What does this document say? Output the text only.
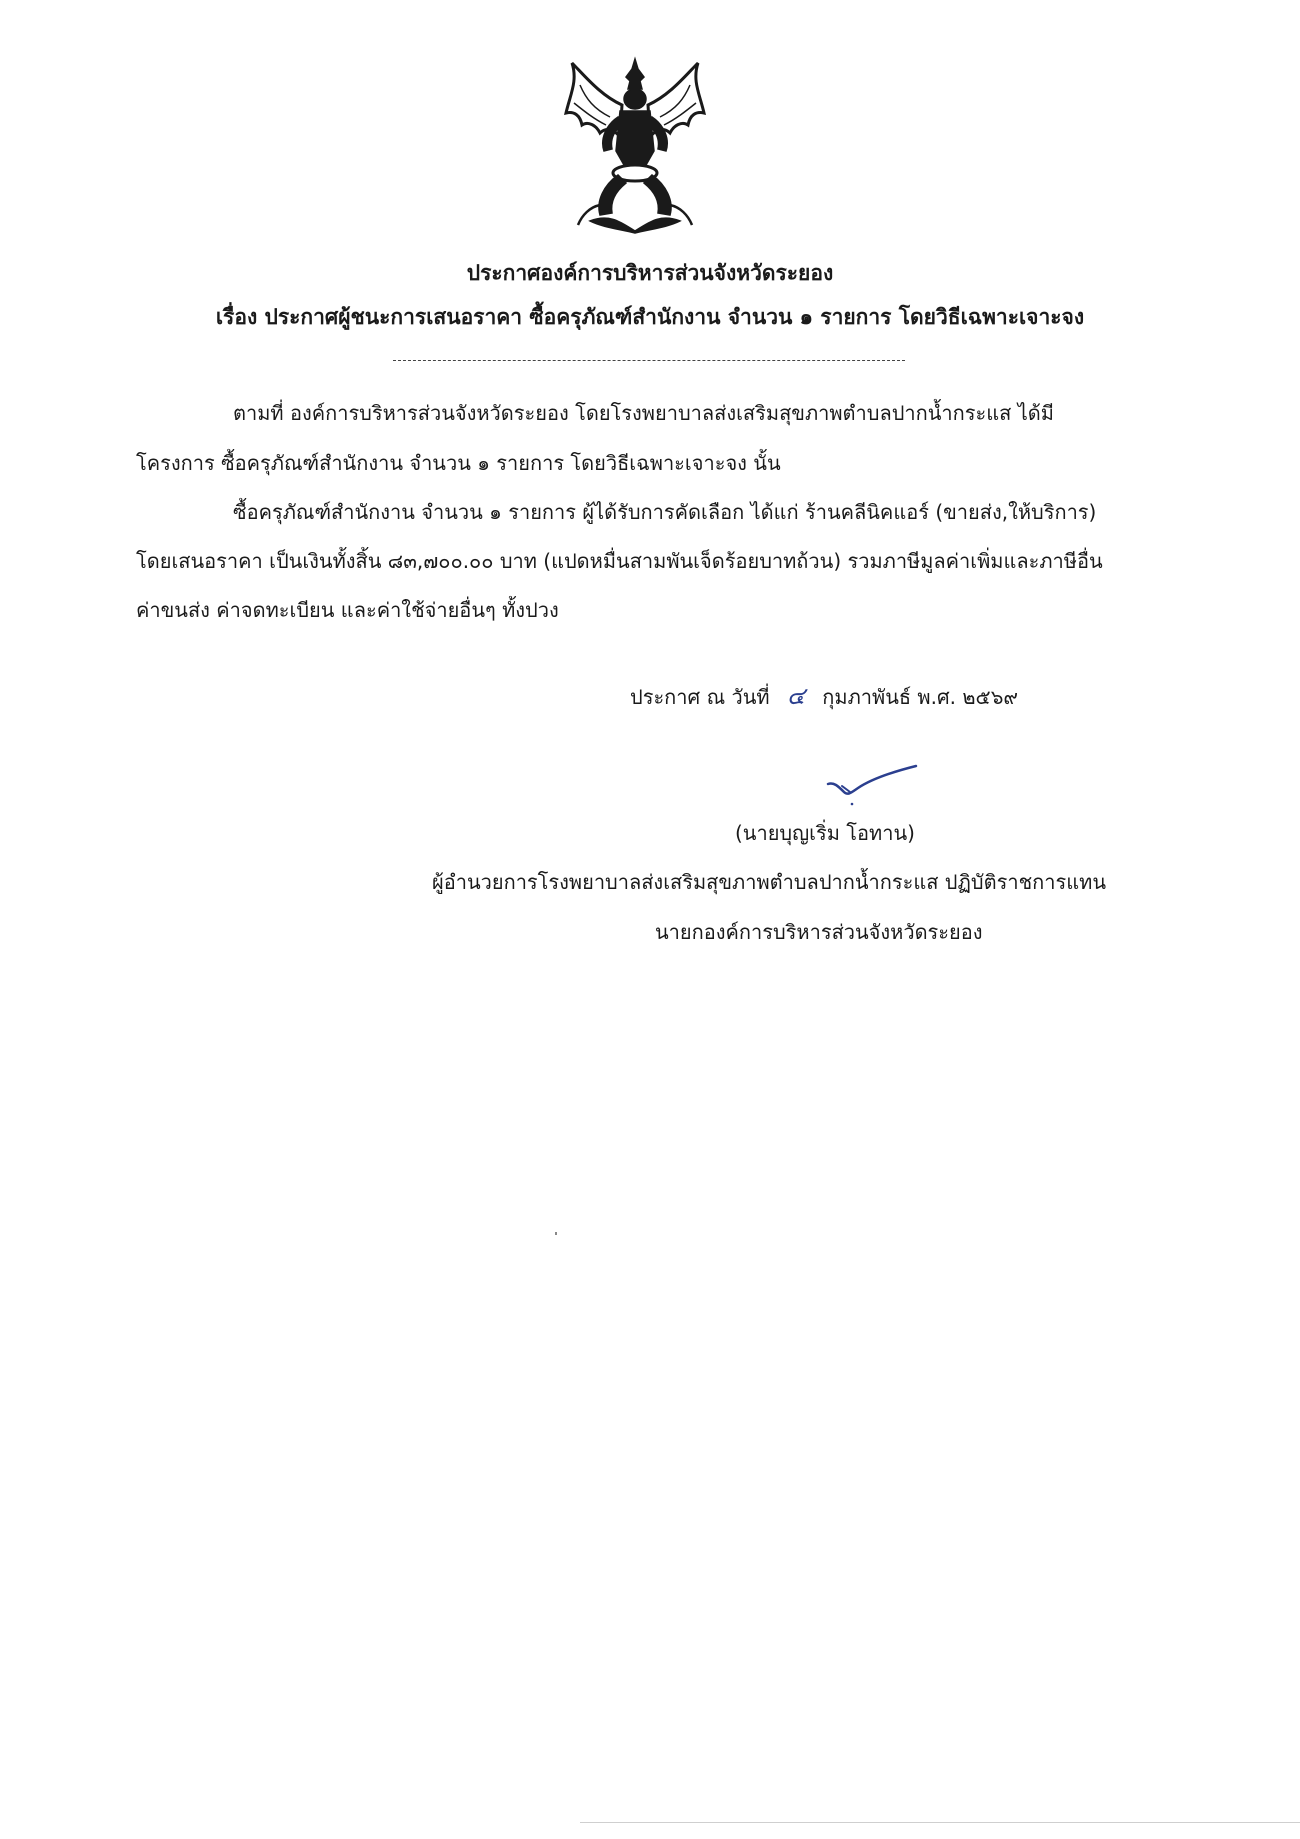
ประกาศองค์การบริหารส่วนจังหวัดระยอง
เรื่อง ประกาศผู้ชนะการเสนอราคา ซื้อครุภัณฑ์สำนักงาน จำนวน ๑ รายการ โดยวิธีเฉพาะเจาะจง
ตามที่ องค์การบริหารส่วนจังหวัดระยอง โดยโรงพยาบาลส่งเสริมสุขภาพตำบลปากน้ำกระแส ได้มี
โครงการ ซื้อครุภัณฑ์สำนักงาน จำนวน ๑ รายการ โดยวิธีเฉพาะเจาะจง นั้น
ซื้อครุภัณฑ์สำนักงาน จำนวน ๑ รายการ ผู้ได้รับการคัดเลือก ได้แก่ ร้านคลีนิคแอร์ (ขายส่ง,ให้บริการ)
โดยเสนอราคา เป็นเงินทั้งสิ้น ๘๓,๗๐๐.๐๐ บาท (แปดหมื่นสามพันเจ็ดร้อยบาทถ้วน) รวมภาษีมูลค่าเพิ่มและภาษีอื่น
ค่าขนส่ง ค่าจดทะเบียน และค่าใช้จ่ายอื่นๆ ทั้งปวง
ประกาศ ณ วันที่ ๔ กุมภาพันธ์ พ.ศ. ๒๕๖๙
(นายบุญเริ่ม โอทาน)
ผู้อำนวยการโรงพยาบาลส่งเสริมสุขภาพตำบลปากน้ำกระแส ปฏิบัติราชการแทน
นายกองค์การบริหารส่วนจังหวัดระยอง
